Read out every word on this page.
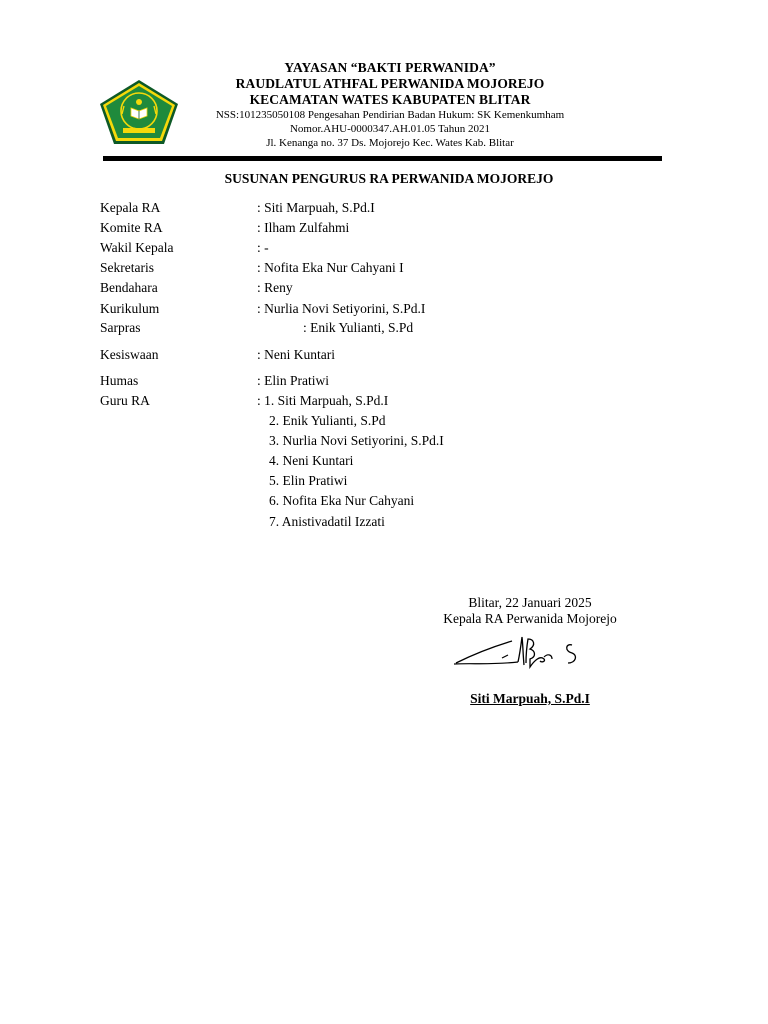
YAYASAN “BAKTI PERWANIDA”
RAUDLATUL ATHFAL PERWANIDA MOJOREJO
KECAMATAN WATES KABUPATEN BLITAR
NSS:101235050108 Pengesahan Pendirian Badan Hukum: SK Kemenkumham
Nomor.AHU-0000347.AH.01.05 Tahun 2021
Jl. Kenanga no. 37 Ds. Mojorejo Kec. Wates Kab. Blitar
SUSUNAN PENGURUS RA PERWANIDA MOJOREJO
Kepala RA	: Siti Marpuah, S.Pd.I
Komite RA	: Ilham Zulfahmi
Wakil Kepala	: -
Sekretaris	: Nofita Eka Nur Cahyani I
Bendahara	: Reny
Kurikulum	: Nurlia Novi Setiyorini, S.Pd.I
Sarpras	: Enik Yulianti, S.Pd
Kesiswaan	: Neni Kuntari
Humas	: Elin Pratiwi
Guru RA	: 1. Siti Marpuah, S.Pd.I
2. Enik Yulianti, S.Pd
3. Nurlia Novi Setiyorini, S.Pd.I
4. Neni Kuntari
5. Elin Pratiwi
6. Nofita Eka Nur Cahyani
7. Anistivadatil Izzati
Blitar, 22 Januari 2025
Kepala RA Perwanida Mojorejo
Siti Marpuah, S.Pd.I
